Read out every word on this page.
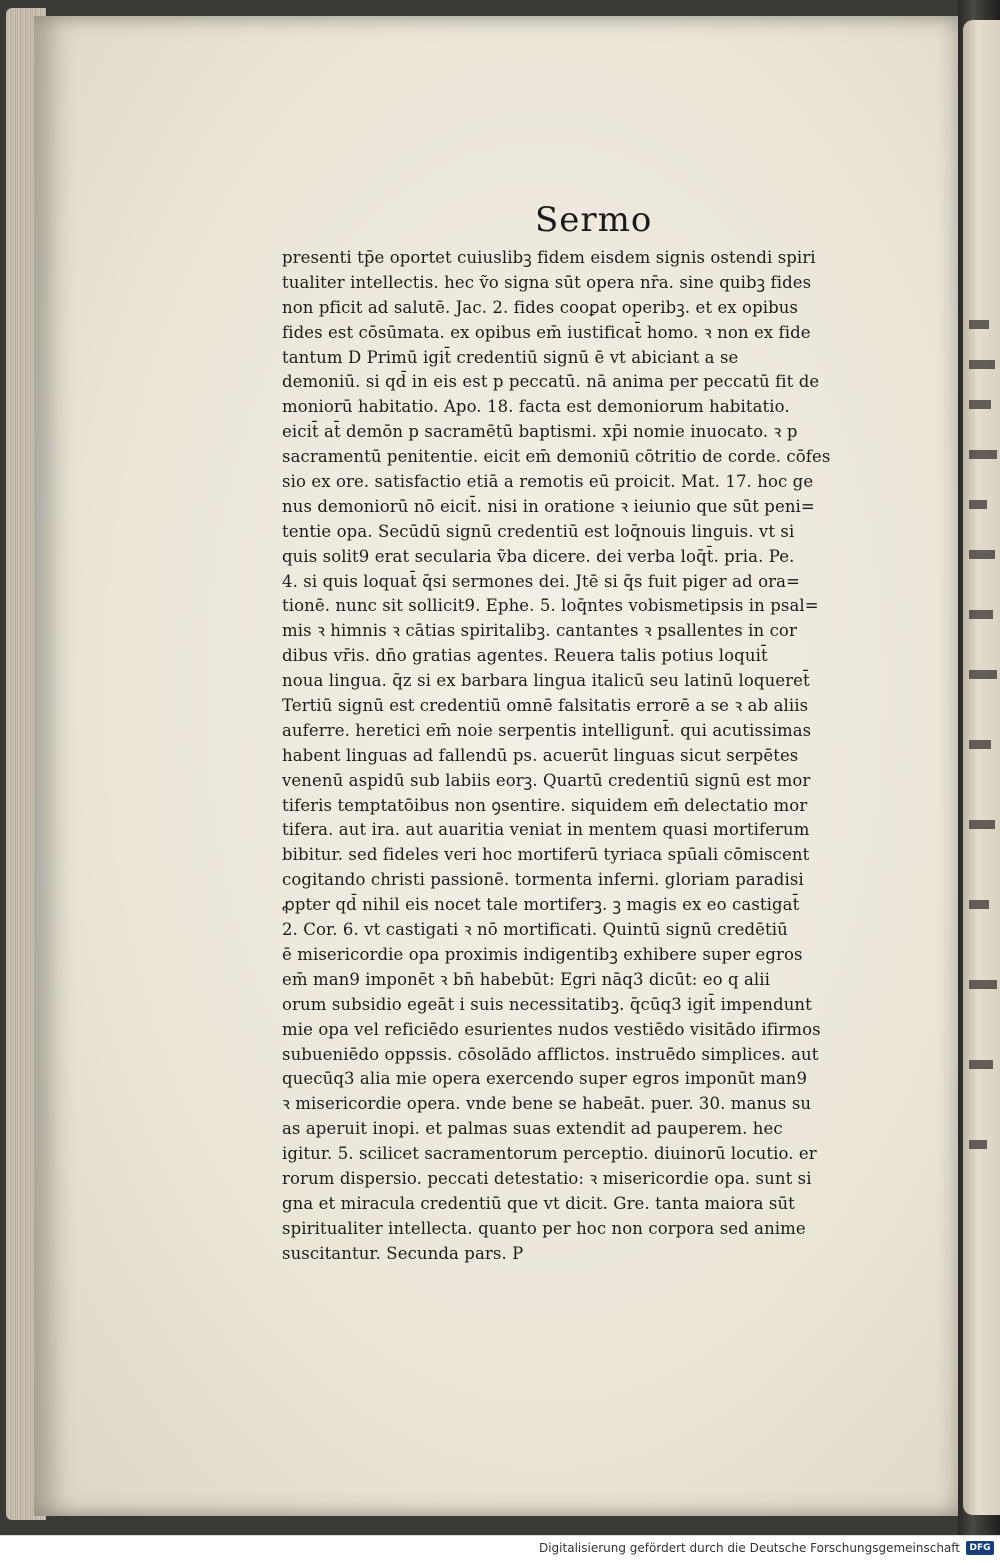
Sermo
presenti tp̄e oportet cuiuslibꝫ fidem eisdem signis ostendi spiri
tualiter intellectis. hec ṽo signa sūt opera nr̄a. sine quibꝫ fides
non pficit ad salutē. Jac. 2. fides cooꝑat operibꝫ. et ex opibus
fides est cōsūmata. ex opibus em̄ iustificat̄ homo. ꝛ non ex fide
tantum D Primū igit̄ credentiū signū ē vt abiciant a se
demoniū. si qd̄ in eis est p peccatū. nā anima per peccatū fit de
moniorū habitatio. Apo. 18. facta est demoniorum habitatio.
eicit̄ at̄ demōn p sacramētū baptismi. xp̄i nomie inuocato. ꝛ p
sacramentū penitentie. eicit em̄ demoniū cōtritio de corde. cōfes
sio ex ore. satisfactio etiā a remotis eū proicit. Mat. 17. hoc ge
nus demoniorū nō eicit̄. nisi in oratione ꝛ ieiunio que sūt peni=
tentie opa. Secūdū signū credentiū est loq̄nouis linguis. vt si
quis solit9 erat secularia ṽba dicere. dei verba loq̄t̄. pria. Pe.
4. si quis loquat̄ q̄si sermones dei. Jtē si q̄s fuit piger ad ora=
tionē. nunc sit sollicit9. Ephe. 5. loq̄ntes vobismetipsis in psal=
mis ꝛ himnis ꝛ cātias spiritalibꝫ. cantantes ꝛ psallentes in cor
dibus vr̄is. dn̄o gratias agentes. Reuera talis potius loquit̄
noua lingua. q̄z si ex barbara lingua italicū seu latinū loqueret̄
Tertiū signū est credentiū omnē falsitatis errorē a se ꝛ ab aliis
auferre. heretici em̄ noie serpentis intelligunt̄. qui acutissimas
habent linguas ad fallendū ps. acuerūt linguas sicut serpētes
venenū aspidū sub labiis eorꝫ. Quartū credentiū signū est mor
tiferis temptatōibus non ꝯsentire. siquidem em̄ delectatio mor
tifera. aut ira. aut auaritia veniat in mentem quasi mortiferum
bibitur. sed fideles veri hoc mortiferū tyriaca spūali cōmiscent
cogitando christi passionē. tormenta inferni. gloriam paradisi
ꝓpter qd̄ nihil eis nocet tale mortiferꝫ. ꝫ magis ex eo castigat̄
2. Cor. 6. vt castigati ꝛ nō mortificati. Quintū signū credētiū
ē misericordie opa proximis indigentibꝫ exhibere super egros
em̄ man9 imponēt ꝛ bn̄ habebūt: Egri nāq3 dicūt: eo q alii
orum subsidio egeāt i suis necessitatibꝫ. q̄cūq3 igit̄ impendunt
mie opa vel reficiēdo esurientes nudos vestiēdo visitādo ifirmos
subueniēdo oppssis. cōsolādo afflictos. instruēdo simplices. aut
quecūq3 alia mie opera exercendo super egros imponūt man9
ꝛ misericordie opera. vnde bene se habeāt. puer. 30. manus su
as aperuit inopi. et palmas suas extendit ad pauperem. hec
igitur. 5. scilicet sacramentorum perceptio. diuinorū locutio. er
rorum dispersio. peccati detestatio: ꝛ misericordie opa. sunt si
gna et miracula credentiū que vt dicit. Gre. tanta maiora sūt
spiritualiter intellecta. quanto per hoc non corpora sed anime
suscitantur. Secunda pars. P
Digitalisierung gefördert durch die Deutsche Forschungsgemeinschaft	DFG
